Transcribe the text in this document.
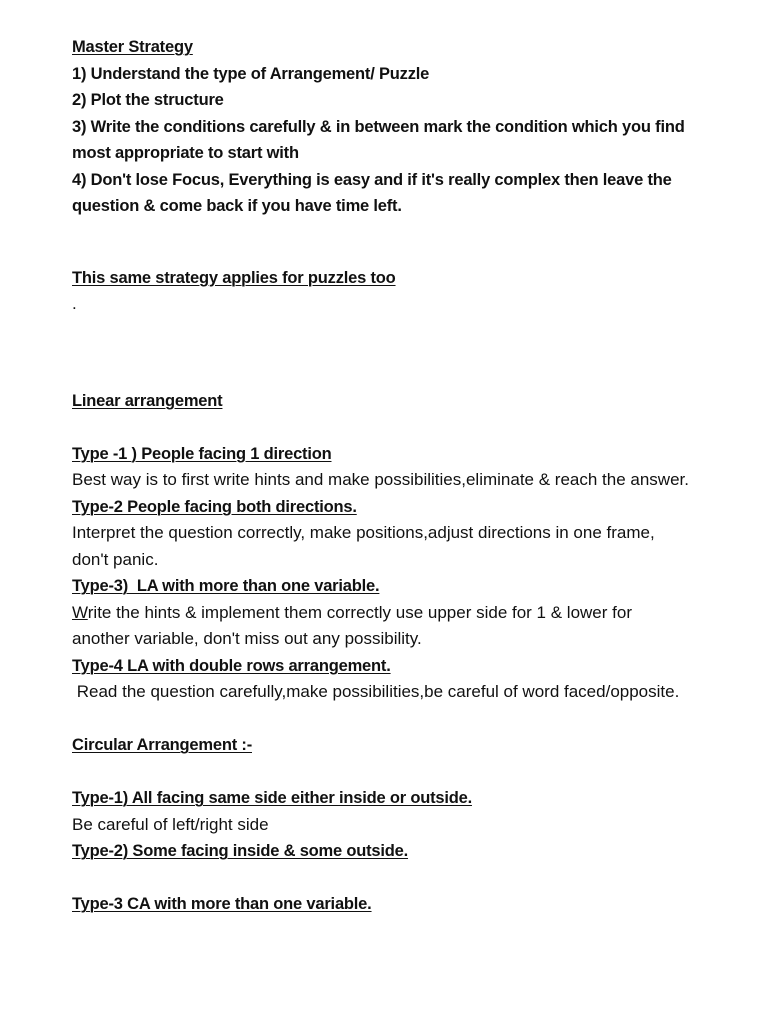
Master Strategy
1) Understand the type of Arrangement/ Puzzle
2) Plot the structure
3) Write the conditions carefully & in between mark the condition which you find most appropriate to start with
4) Don't lose Focus, Everything is easy and if it's really complex then leave the question & come back if you have time left.
This same strategy applies for puzzles too
.
Linear arrangement
Type -1 ) People facing 1 direction
Best way is to first write hints and make possibilities,eliminate & reach the answer.
Type-2 People facing both directions.
Interpret the question correctly, make positions,adjust directions in one frame, don't panic.
Type-3)  LA with more than one variable.
Write the hints & implement them correctly use upper side for 1 & lower for another variable, don't miss out any possibility.
Type-4 LA with double rows arrangement.
Read the question carefully,make possibilities,be careful of word faced/opposite.
Circular Arrangement :-
Type-1) All facing same side either inside or outside.
Be careful of left/right side
Type-2) Some facing inside & some outside.
Type-3 CA with more than one variable.
